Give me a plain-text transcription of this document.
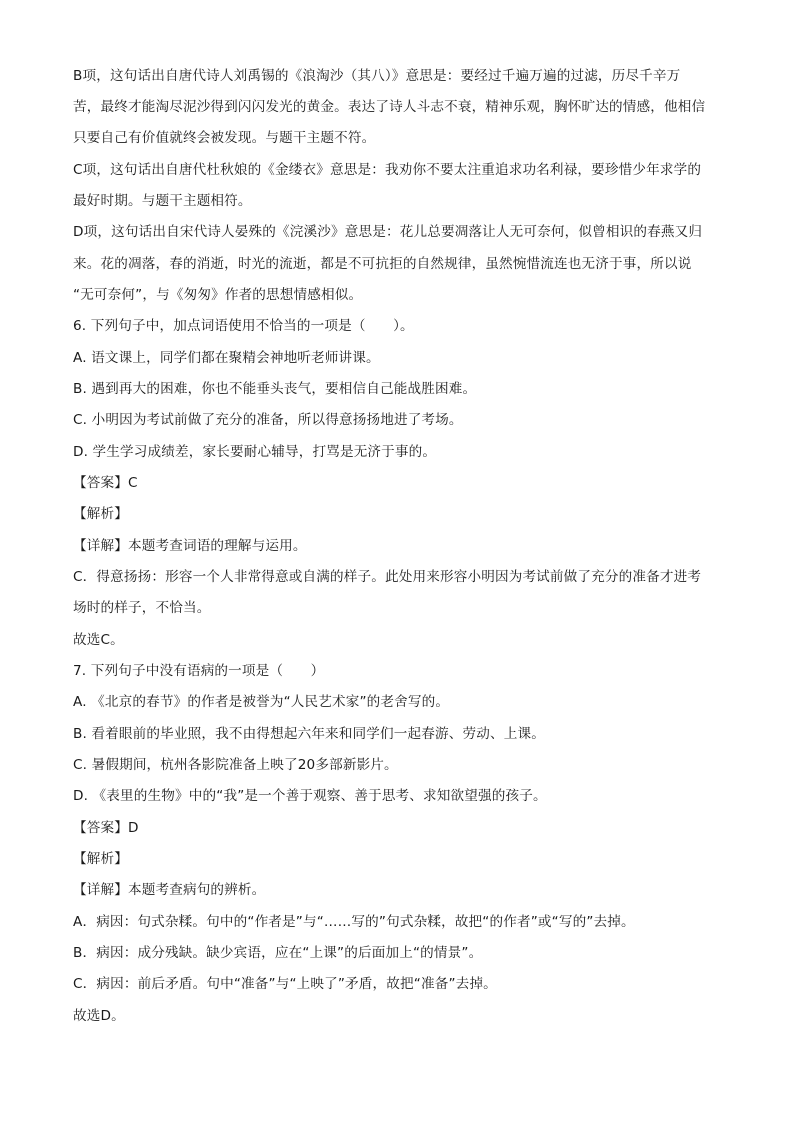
B项，这句话出自唐代诗人刘禹锡的《浪淘沙（其八）》意思是：要经过千遍万遍的过滤，历尽千辛万
苦，最终才能淘尽泥沙得到闪闪发光的黄金。表达了诗人斗志不衰，精神乐观，胸怀旷达的情感，他相信
只要自己有价值就终会被发现。与题干主题不符。
C项，这句话出自唐代杜秋娘的《金缕衣》意思是：我劝你不要太注重追求功名利禄，要珍惜少年求学的
最好时期。与题干主题相符。
D项，这句话出自宋代诗人晏殊的《浣溪沙》意思是：花儿总要凋落让人无可奈何，似曾相识的春燕又归
来。花的凋落，春的消逝，时光的流逝，都是不可抗拒的自然规律，虽然惋惜流连也无济于事，所以说
“无可奈何”，与《匆匆》作者的思想情感相似。
6. 下列句子中，加点词语使用不恰当的一项是（　　）。
A. 语文课上，同学们都在聚精会神地听老师讲课。
B. 遇到再大的困难，你也不能垂头丧气，要相信自己能战胜困难。
C. 小明因为考试前做了充分的准备，所以得意扬扬地进了考场。
D. 学生学习成绩差，家长要耐心辅导，打骂是无济于事的。
【答案】C
【解析】
【详解】本题考查词语的理解与运用。
C．得意扬扬：形容一个人非常得意或自满的样子。此处用来形容小明因为考试前做了充分的准备才进考
场时的样子，不恰当。
故选C。
7. 下列句子中没有语病的一项是（　　）
A. 《北京的春节》的作者是被誉为“人民艺术家”的老舍写的。
B. 看着眼前的毕业照，我不由得想起六年来和同学们一起春游、劳动、上课。
C. 暑假期间，杭州各影院准备上映了20多部新影片。
D. 《表里的生物》中的“我”是一个善于观察、善于思考、求知欲望强的孩子。
【答案】D
【解析】
【详解】本题考查病句的辨析。
A．病因：句式杂糅。句中的“作者是”与“……写的”句式杂糅，故把“的作者”或“写的”去掉。
B．病因：成分残缺。缺少宾语，应在“上课”的后面加上“的情景”。
C．病因：前后矛盾。句中“准备”与“上映了”矛盾，故把“准备”去掉。
故选D。
